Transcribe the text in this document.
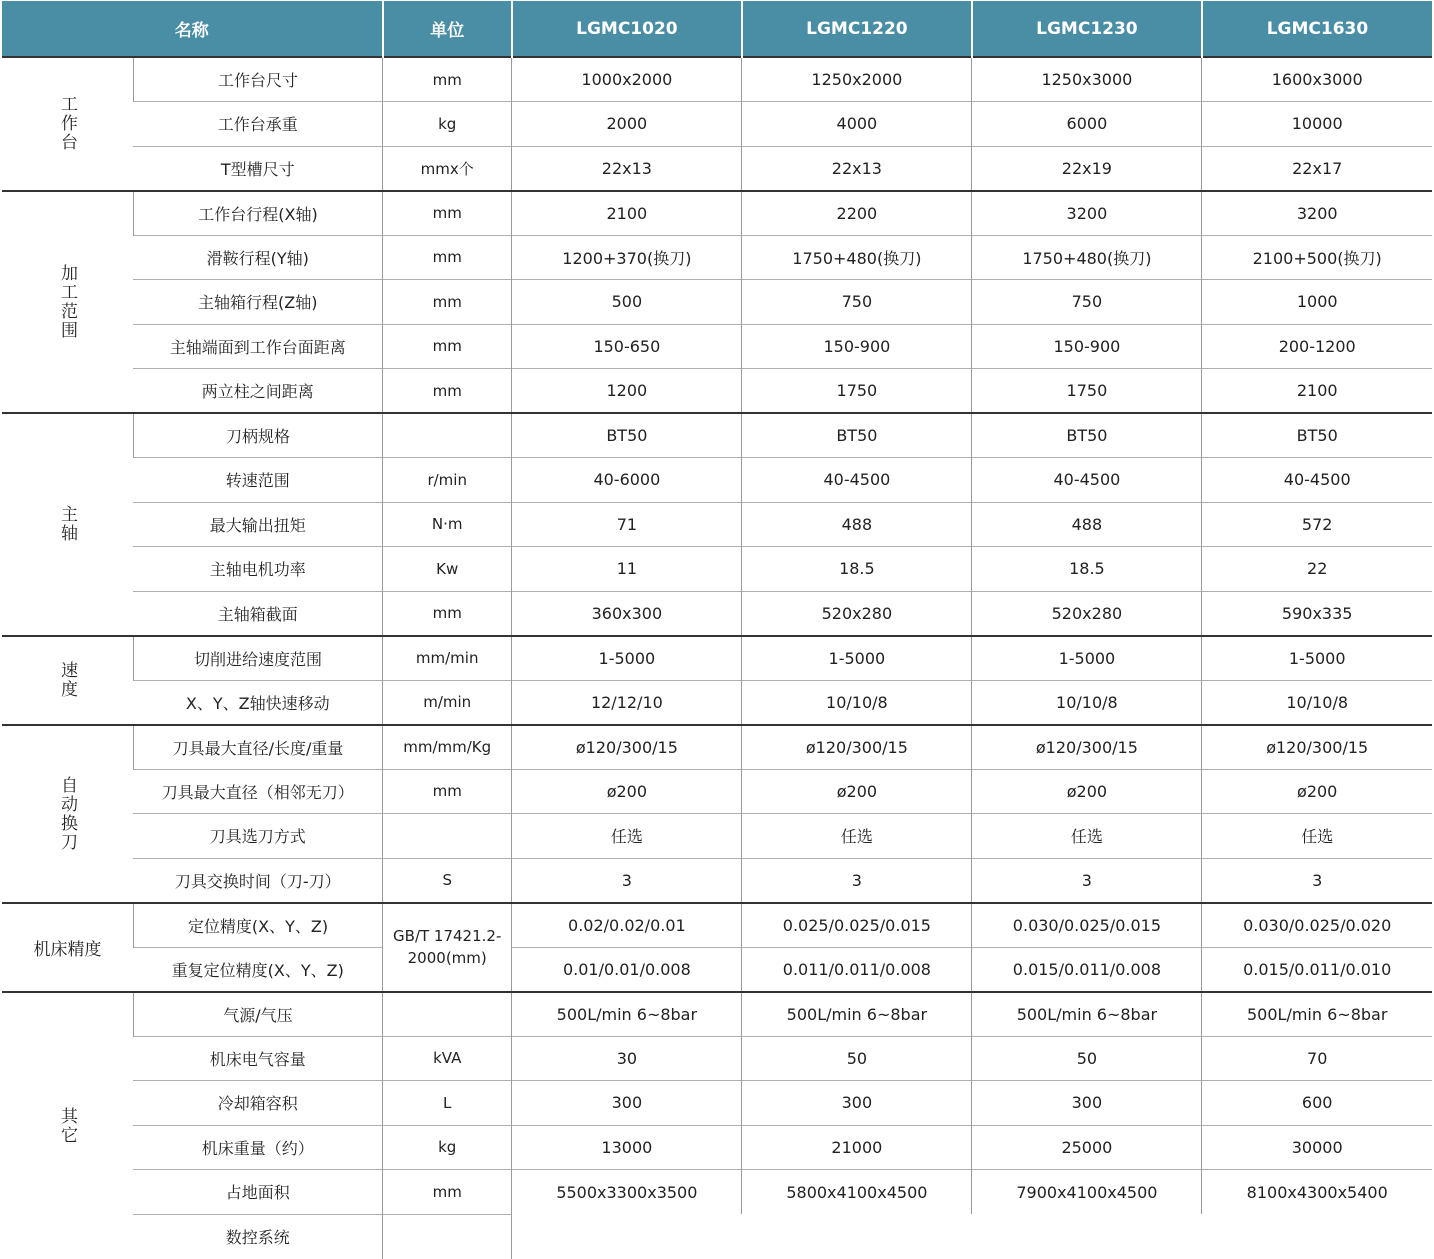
名称		单位	LGMC1020	LGMC1220	LGMC1230	LGMC1630
工作台	工作台尺寸	mm	1000x2000	1250x2000	1250x3000	1600x3000
	工作台承重	kg	2000	4000	6000	10000
	T型槽尺寸	mmx个	22x13	22x13	22x19	22x17
加工范围	工作台行程(X轴)	mm	2100	2200	3200	3200
	滑鞍行程(Y轴)	mm	1200+370(换刀)	1750+480(换刀)	1750+480(换刀)	2100+500(换刀)
	主轴箱行程(Z轴)	mm	500	750	750	1000
	主轴端面到工作台面距离	mm	150-650	150-900	150-900	200-1200
	两立柱之间距离	mm	1200	1750	1750	2100
主轴	刀柄规格		BT50	BT50	BT50	BT50
	转速范围	r/min	40-6000	40-4500	40-4500	40-4500
	最大输出扭矩	N·m	71	488	488	572
	主轴电机功率	Kw	11	18.5	18.5	22
	主轴箱截面	mm	360x300	520x280	520x280	590x335
速度	切削进给速度范围	mm/min	1-5000	1-5000	1-5000	1-5000
	X、Y、Z轴快速移动	m/min	12/12/10	10/10/8	10/10/8	10/10/8
自动换刀	刀具最大直径/长度/重量	mm/mm/Kg	ø120/300/15	ø120/300/15	ø120/300/15	ø120/300/15
	刀具最大直径（相邻无刀）	mm	ø200	ø200	ø200	ø200
	刀具选刀方式		任选	任选	任选	任选
	刀具交换时间（刀-刀）	S	3	3	3	3
机床精度	定位精度(X、Y、Z)	GB/T 17421.2-2000(mm)	0.02/0.02/0.01	0.025/0.025/0.015	0.030/0.025/0.015	0.030/0.025/0.020
	重复定位精度(X、Y、Z)		0.01/0.01/0.008	0.011/0.011/0.008	0.015/0.011/0.008	0.015/0.011/0.010
其它	气源/气压		500L/min 6~8bar	500L/min 6~8bar	500L/min 6~8bar	500L/min 6~8bar
	机床电气容量	kVA	30	50	50	70
	冷却箱容积	L	300	300	300	600
	机床重量（约）	kg	13000	21000	25000	30000
	占地面积	mm	5500x3300x3500	5800x4100x4500	7900x4100x4500	8100x4300x5400
	数控系统					
